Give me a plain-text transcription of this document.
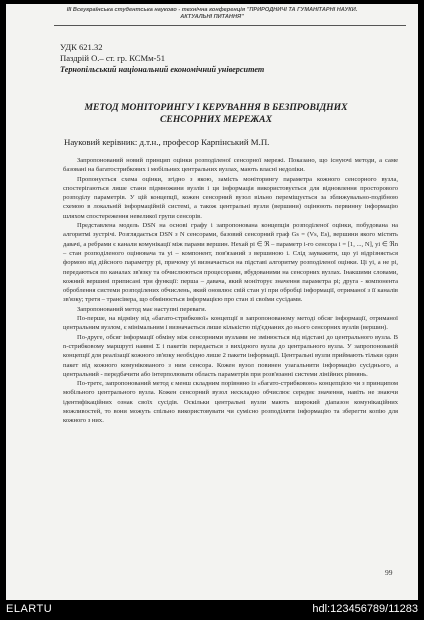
ІІІ Всеукраїнська студентська науково - технічна конференція "ПРИРОДНИЧІ ТА ГУМАНІТАРНІ НАУКИ.
АКТУАЛЬНІ ПИТАННЯ"
УДК 621.32
Паздрій О.– ст. гр. КСМм-51
Тернопільський національний економічний університет
МЕТОД МОНІТОРИНГУ І КЕРУВАННЯ В БЕЗПРОВІДНИХ
СЕНСОРНИХ МЕРЕЖАХ
Науковий керівник: д.т.н., професор Карпінський М.П.

Запропонований новий принцип оцінки розподіленої сенсорної мережі. Показано, що існуючі методи, а саме базовані на багатострибкових і мобільних центральних вузлах, мають власні недоліки.

Пропонується схема оцінки, згідно з якою, замість моніторингу параметра кожного сенсорного вузла, спостерігаються лише стани підмножини вузлів і ця інформація використовується для відновлення просторового розподілу параметрів. У цій концепції, кожен сенсорний вузол вільно переміщується за зближувально-подібною схемою в локальній інформаційній системі, а також центральні вузли (вершини) оцінюють первинну інформацію шляхом спостереження невеликої групи сенсорів.

Представлена модель DSN на основі графу і запропонована концепція розподіленої оцінки, побудована на алгоритмі зустрічі. Розглядається DSN з N сенсорами, базовий сенсорний граф Gs = (Vs, Es), вершини якого містять давачі, а ребрами є канали комунікації між парами вершин. Нехай pi ∈ ℜ – параметр i-го сенсора i = [1, ..., N], yi ∈ ℜn – стан розподіленого оцінювача та yi – компонент, пов'язаний з вершиною i. Слід зауважити, що yi відрізняється формою від дійсного параметру pi, причому yi визначається на підставі алгоритму розподіленої оцінки. Ці yi, а не pi, передаються по каналах зв'язку та обчислюються процесорами, вбудованими на сенсорних вузлах. Інакшими словами, кожний вершині приписані три функції: перша – давача, який моніторує значення параметра pi; друга - компонента оброблення системи розподілених обчислень, який оновлює свій стан yi при обробці інформації, отриманої з її каналів зв'язку; третя – трансівера, що обмінюється інформацією про стан зі своїми сусідами.

Запропонований метод має наступні переваги.

По-перше, на відміну від «багато-стрибкової» концепції в запропонованому методі обсяг інформації, отриманої центральним вузлом, є мінімальним і визначається лише кількістю під'єднаних до нього сенсорних вузлів (вершин).

По-друге, обсяг інформації обміну між сенсорними вузлами не змінюється від відстані до центрального вузла. В n-стрибковому маршруті наявні Σ i пакетів передається з вихідного вузла до центрального вузла. У запропонованій концепції для реалізації кожного зв'язку необхідно лише 2 пакети інформації. Центральні вузли приймають тільки один пакет від кожного комунікованого з ним сенсора. Кожен вузол повинен узагальнити інформацію сусіднього, а центральний - передбачити або інтерполювати область параметрів при розв'язанні системи лінійних рівнянь.

По-третє, запропонований метод є менш складним порівняно із «багато-стрибковою» концепцією чи з принципом мобільного центрального вузла. Кожен сенсорний вузол нескладно обчислює середнє значення, навіть не знаючи ідентифікаційних ознак своїх сусідів. Оскільки центральні вузли мають широкий діапазон комунікаційних можливостей, то вони можуть спільно використовувати чи сумісно розподіляти інформацію та зберегти копію для кожного з них.

99
ELARTU	hdl:123456789/11283
